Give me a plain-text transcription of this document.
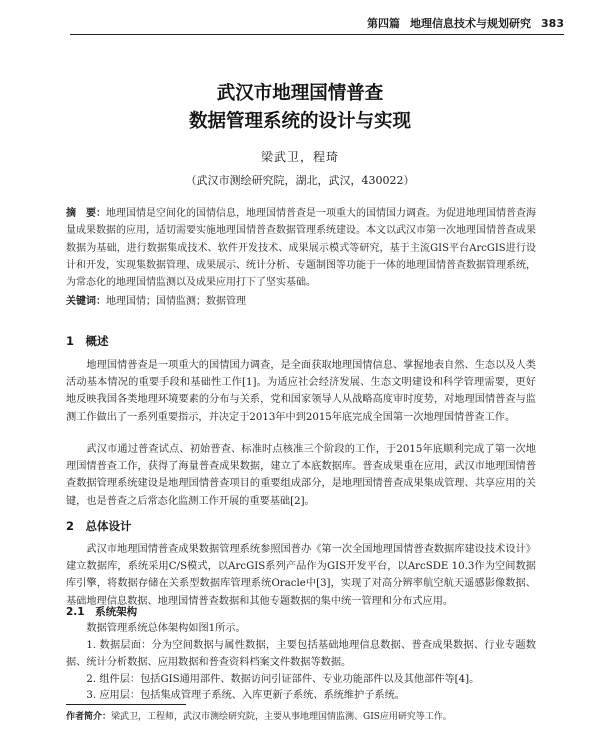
第四篇 地理信息技术与规划研究 383
武汉市地理国情普查
数据管理系统的设计与实现
梁武卫，程琦
（武汉市测绘研究院，湖北，武汉，430022）
摘　要：地理国情是空间化的国情信息，地理国情普查是一项重大的国情国力调查。为促进地理国情普查海量成果数据的应用，适切需要实施地理国情普查数据管理系统建设。本文以武汉市第一次地理国情普查成果数据为基础，进行数据集成技术、软件开发技术、成果展示模式等研究，基于主流GIS平台ArcGIS进行设计和开发，实现集数据管理、成果展示、统计分析、专题制图等功能于一体的地理国情普查数据管理系统，为常态化的地理国情监测以及成果应用打下了坚实基础。
关键词：地理国情；国情监测；数据管理
1　概述
地理国情普查是一项重大的国情国力调查，是全面获取地理国情信息、掌握地表自然、生态以及人类活动基本情况的重要手段和基础性工作[1]。为适应社会经济发展、生态文明建设和科学管理需要，更好地反映我国各类地理环境要素的分布与关系，党和国家领导人从战略高度审时度势，对地理国情普查与监测工作做出了一系列重要指示，并决定于2013年中到2015年底完成全国第一次地理国情普查工作。
武汉市通过普查试点、初始普查、标准时点核准三个阶段的工作，于2015年底顺利完成了第一次地理国情普查工作，获得了海量普查成果数据，建立了本底数据库。普查成果重在应用，武汉市地理国情普查数据管理系统建设是地理国情普查项目的重要组成部分，是地理国情普查成果集成管理、共享应用的关键，也是普查之后常态化监测工作开展的重要基础[2]。
2　总体设计
武汉市地理国情普查成果数据管理系统参照国普办《第一次全国地理国情普查数据库建设技术设计》建立数据库，系统采用C/S模式，以ArcGIS系列产品作为GIS开发平台，以ArcSDE 10.3作为空间数据库引擎，将数据存储在关系型数据库管理系统Oracle中[3]，实现了对高分辨率航空航天遥感影像数据、基础地理信息数据、地理国情普查数据和其他专题数据的集中统一管理和分布式应用。
2.1　系统架构
数据管理系统总体架构如图1所示。
1. 数据层面：分为空间数据与属性数据，主要包括基础地理信息数据、普查成果数据、行业专题数据、统计分析数据、应用数据和普查资料档案文件数据等数据。
2. 组件层：包括GIS通用部件、数据访问引证部件、专业功能部件以及其他部件等[4]。
3. 应用层：包括集成管理子系统、入库更新子系统、系统维护子系统。
作者简介：梁武卫，工程师，武汉市测绘研究院，主要从事地理国情监测、GIS应用研究等工作。
